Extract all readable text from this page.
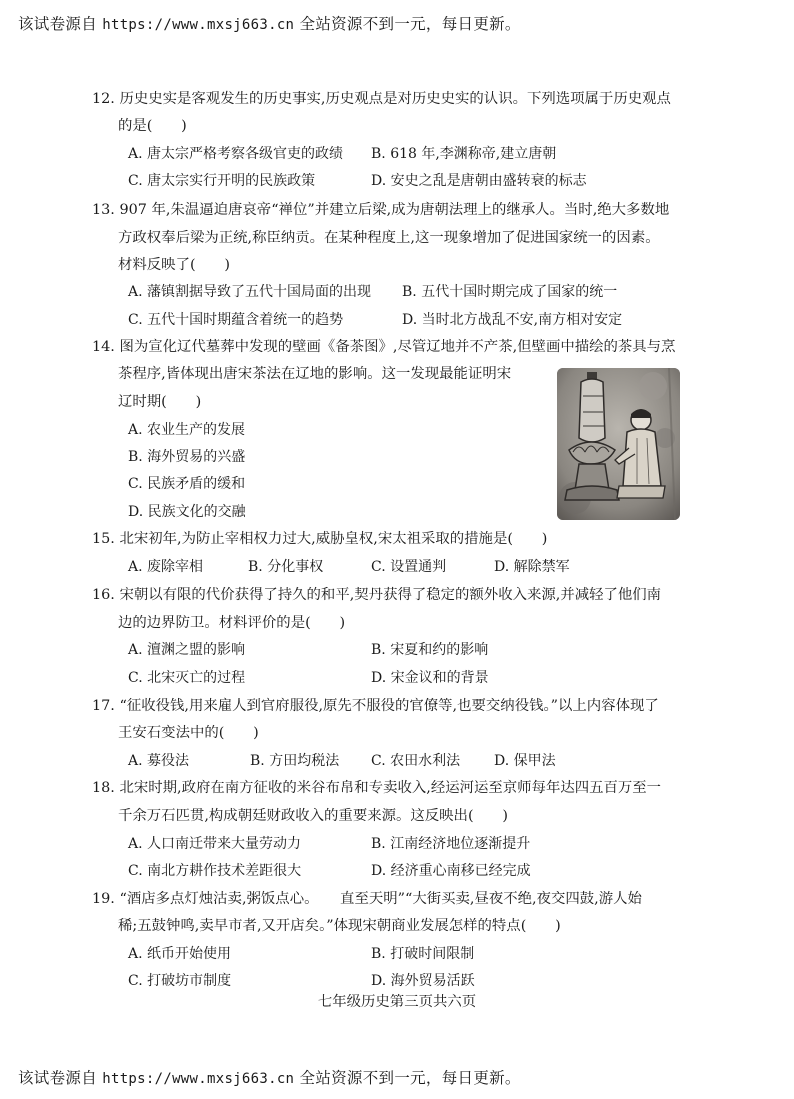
该试卷源自 https://www.mxsj663.cn 全站资源不到一元，每日更新。
12. 历史史实是客观发生的历史事实,历史观点是对历史史实的认识。下列选项属于历史观点
的是(　　)
A. 唐太宗严格考察各级官吏的政绩 B. 618 年,李渊称帝,建立唐朝
C. 唐太宗实行开明的民族政策	D. 安史之乱是唐朝由盛转衰的标志
13. 907 年,朱温逼迫唐哀帝“禅位”并建立后梁,成为唐朝法理上的继承人。当时,绝大多数地
方政权奉后梁为正统,称臣纳贡。在某种程度上,这一现象增加了促进国家统一的因素。
材料反映了(　　)
A. 藩镇割据导致了五代十国局面的出现 B. 五代十国时期完成了国家的统一
C. 五代十国时期蕴含着统一的趋势	D. 当时北方战乱不安,南方相对安定
14. 图为宣化辽代墓葬中发现的壁画《备茶图》,尽管辽地并不产茶,但壁画中描绘的茶具与烹
茶程序,皆体现出唐宋茶法在辽地的影响。这一发现最能证明宋
辽时期(　　)
A. 农业生产的发展
B. 海外贸易的兴盛
C. 民族矛盾的缓和
D. 民族文化的交融
15. 北宋初年,为防止宰相权力过大,威胁皇权,宋太祖采取的措施是(　　)
A. 废除宰相	B. 分化事权	C. 设置通判	D. 解除禁军
16. 宋朝以有限的代价获得了持久的和平,契丹获得了稳定的额外收入来源,并减轻了他们南
边的边界防卫。材料评价的是(　　)
A. 澶渊之盟的影响	B. 宋夏和约的影响
C. 北宋灭亡的过程	D. 宋金议和的背景
17. “征收役钱,用来雇人到官府服役,原先不服役的官僚等,也要交纳役钱。”以上内容体现了
王安石变法中的(　　)
A. 募役法	B. 方田均税法 C. 农田水利法 D. 保甲法
18. 北宋时期,政府在南方征收的米谷布帛和专卖收入,经运河运至京师每年达四五百万至一
千余万石匹贯,构成朝廷财政收入的重要来源。这反映出(　　)
A. 人口南迁带来大量劳动力	B. 江南经济地位逐渐提升
C. 南北方耕作技术差距很大	D. 经济重心南移已经完成
19. “酒店多点灯烛沽卖,粥饭点心。　　直至天明”“大街买卖,昼夜不绝,夜交四鼓,游人始
稀;五鼓钟鸣,卖早市者,又开店矣。”体现宋朝商业发展怎样的特点(　　)
A. 纸币开始使用	B. 打破时间限制
C. 打破坊市制度	D. 海外贸易活跃
七年级历史第三页共六页
该试卷源自 https://www.mxsj663.cn 全站资源不到一元，每日更新。
